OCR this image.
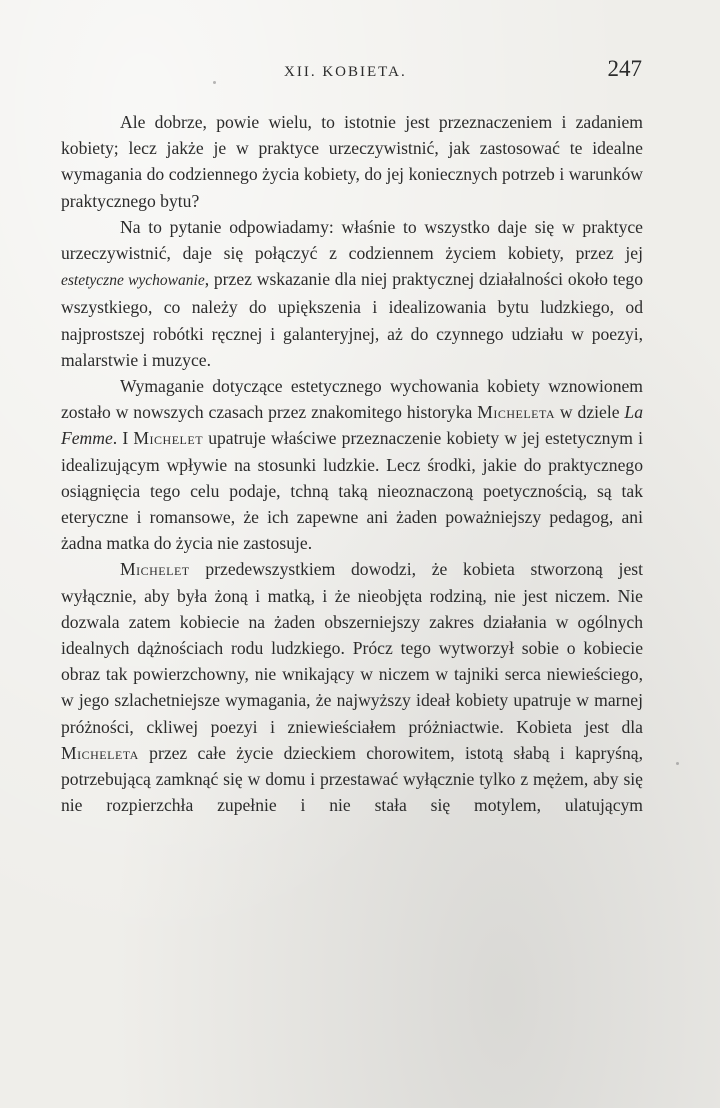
XII. KOBIETA.	247

Ale dobrze, powie wielu, to istotnie jest przeznaczeniem i zadaniem kobiety; lecz jakże je w praktyce urzeczywistnić, jak zastosować te idealne wymagania do codziennego życia kobiety, do jej koniecznych potrzeb i warunków praktycznego bytu?

Na to pytanie odpowiadamy: właśnie to wszystko daje się w praktyce urzeczywistnić, daje się połączyć z codziennem życiem kobiety, przez jej estetyczne wychowanie, przez wskazanie dla niej praktycznej działalności około tego wszystkiego, co należy do upiększenia i idealizowania bytu ludzkiego, od najprostszej robótki ręcznej i galanteryjnej, aż do czynnego udziału w poezyi, malarstwie i muzyce.

Wymaganie dotyczące estetycznego wychowania kobiety wznowionem zostało w nowszych czasach przez znakomitego historyka Micheleta w dziele La Femme. I Michelet upatruje właściwe przeznaczenie kobiety w jej estetycznym i idealizującym wpływie na stosunki ludzkie. Lecz środki, jakie do praktycznego osiągnięcia tego celu podaje, tchną taką nieoznaczoną poetycznością, są tak eteryczne i romansowe, że ich zapewne ani żaden poważniejszy pedagog, ani żadna matka do życia nie zastosuje.

Michelet przedewszystkiem dowodzi, że kobieta stworzoną jest wyłącznie, aby była żoną i matką, i że nieobjęta rodziną, nie jest niczem. Nie dozwala zatem kobiecie na żaden obszerniejszy zakres działania w ogólnych idealnych dążnościach rodu ludzkiego. Prócz tego wytworzył sobie o kobiecie obraz tak powierzchowny, nie wnikający w niczem w tajniki serca niewieściego, w jego szlachetniejsze wymagania, że najwyższy ideał kobiety upatruje w marnej próżności, ckliwej poezyi i zniewieściałem próżniactwie. Kobieta jest dla Micheleta przez całe życie dzieckiem chorowitem, istotą słabą i kapryśną, potrzebującą zamknąć się w domu i przestawać wyłącznie tylko z mężem, aby się nie rozpierzchła zupełnie i nie stała się motylem, ulatującym
